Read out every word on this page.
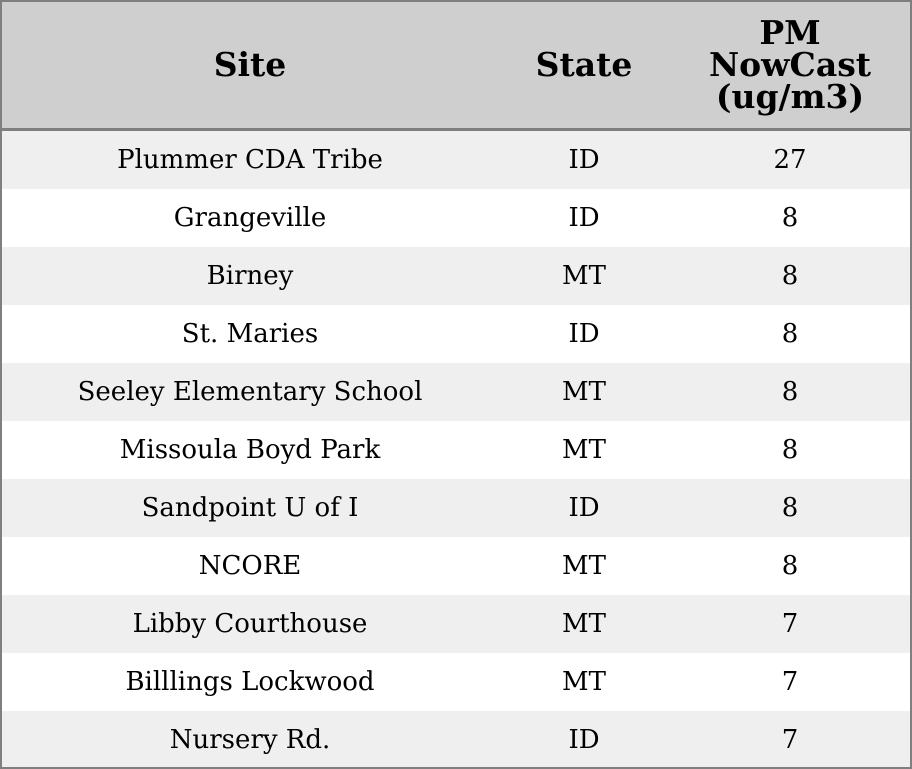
Site	State	PM
NowCast
(ug/m3)

Plummer CDA Tribe	ID	27
Grangeville	ID	8
Birney	MT	8
St. Maries	ID	8
Seeley Elementary School	MT	8
Missoula Boyd Park	MT	8
Sandpoint U of I	ID	8
NCORE	MT	8
Libby Courthouse	MT	7
Billlings Lockwood	MT	7
Nursery Rd.	ID	7
